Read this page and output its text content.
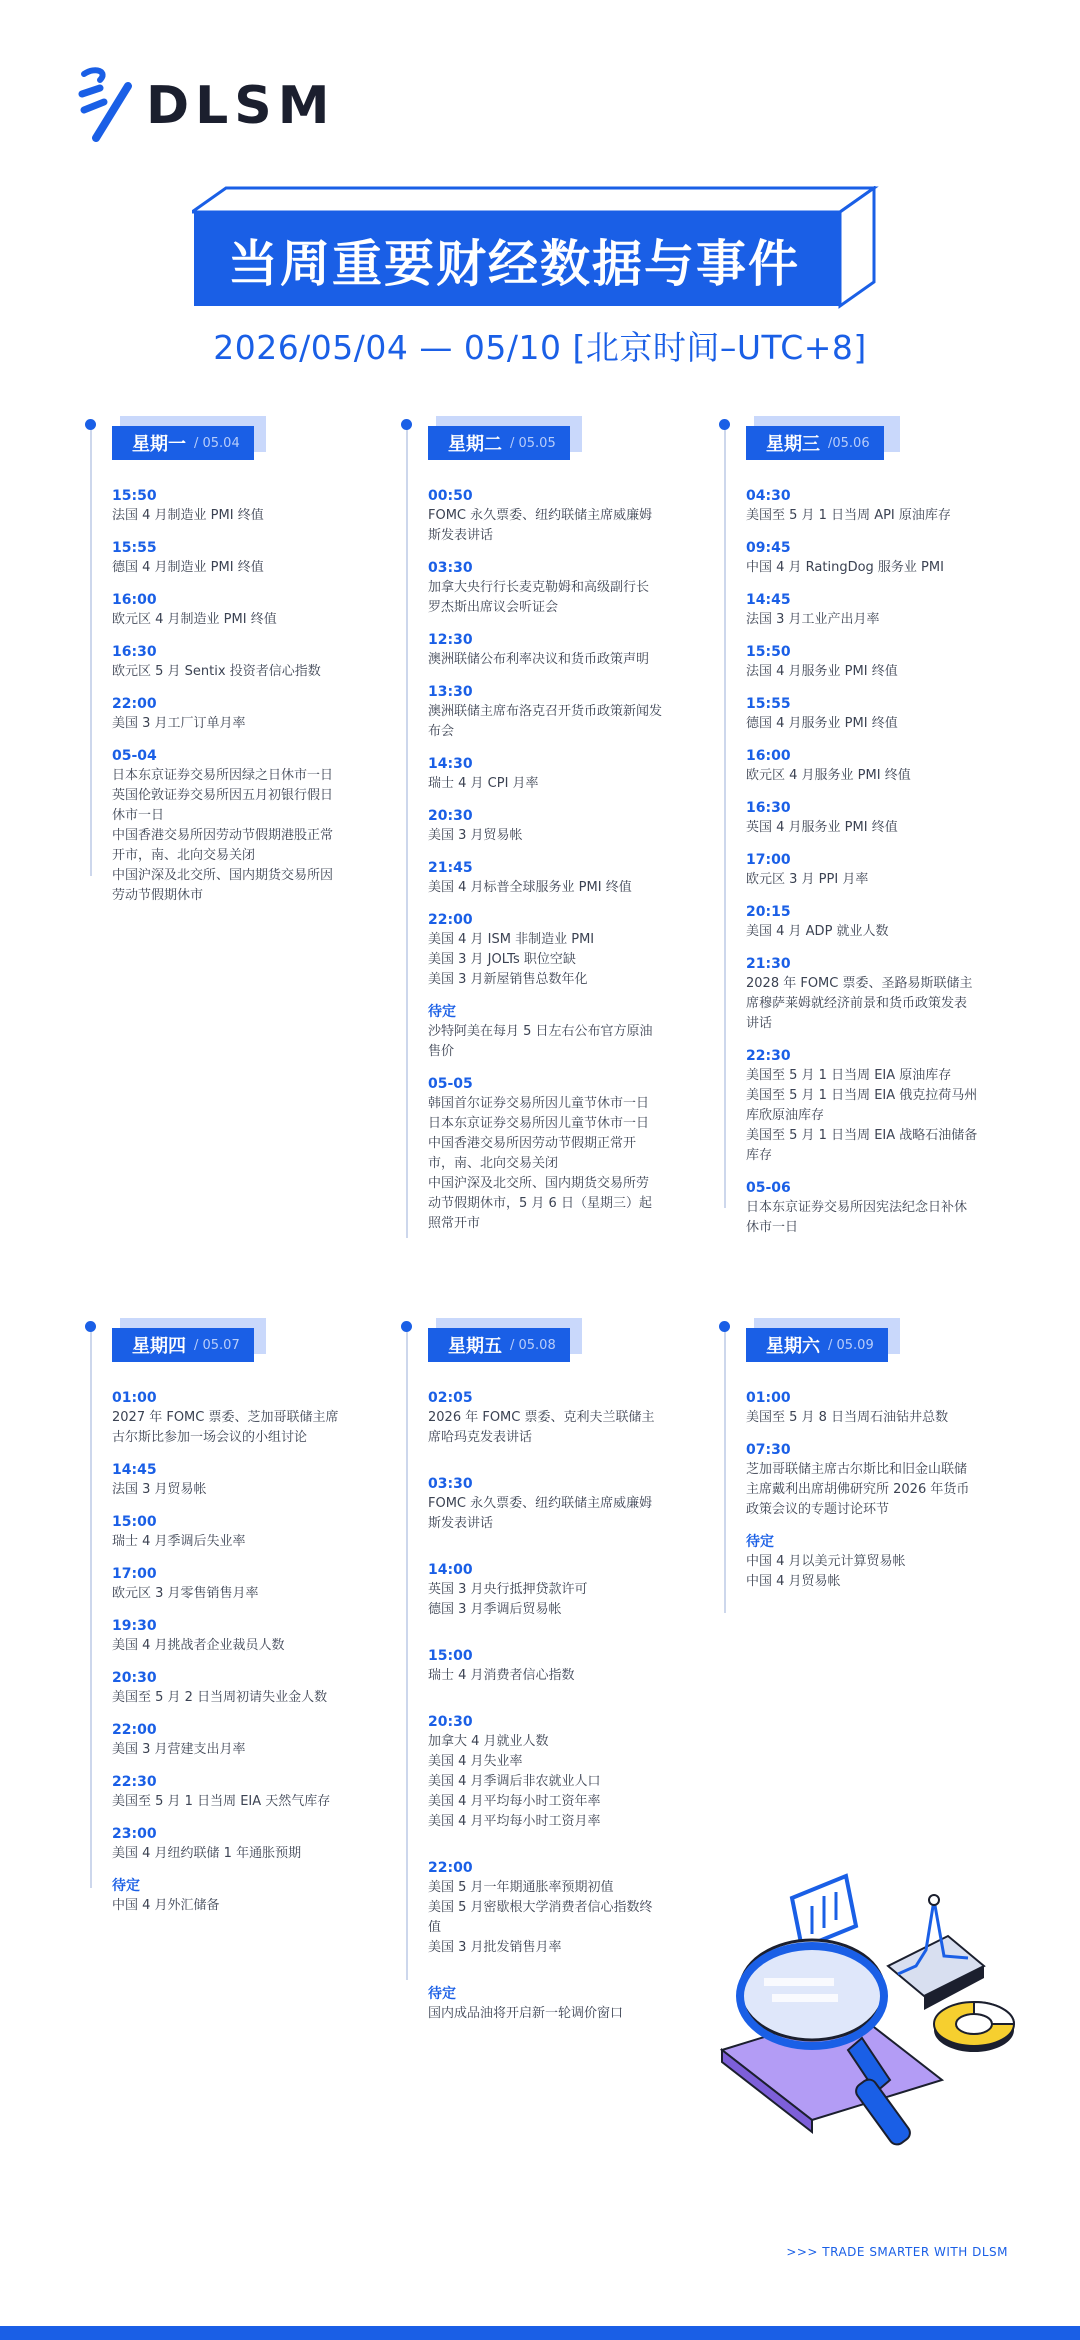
DLSM
当周重要财经数据与事件
2026/05/04 — 05/10 [北京时间–UTC+8]
星期一 / 05.04
15:50
法国 4 月制造业 PMI 终值
15:55
德国 4 月制造业 PMI 终值
16:00
欧元区 4 月制造业 PMI 终值
16:30
欧元区 5 月 Sentix 投资者信心指数
22:00
美国 3 月工厂订单月率
05-04
日本东京证券交易所因绿之日休市一日
英国伦敦证券交易所因五月初银行假日
休市一日
中国香港交易所因劳动节假期港股正常
开市，南、北向交易关闭
中国沪深及北交所、国内期货交易所因
劳动节假期休市
星期二 / 05.05
00:50
FOMC 永久票委、纽约联储主席威廉姆
斯发表讲话
03:30
加拿大央行行长麦克勒姆和高级副行长
罗杰斯出席议会听证会
12:30
澳洲联储公布利率决议和货币政策声明
13:30
澳洲联储主席布洛克召开货币政策新闻发
布会
14:30
瑞士 4 月 CPI 月率
20:30
美国 3 月贸易帐
21:45
美国 4 月标普全球服务业 PMI 终值
22:00
美国 4 月 ISM 非制造业 PMI
美国 3 月 JOLTs 职位空缺
美国 3 月新屋销售总数年化
待定
沙特阿美在每月 5 日左右公布官方原油
售价
05-05
韩国首尔证券交易所因儿童节休市一日
日本东京证券交易所因儿童节休市一日
中国香港交易所因劳动节假期正常开
市，南、北向交易关闭
中国沪深及北交所、国内期货交易所劳
动节假期休市，5 月 6 日（星期三）起
照常开市
星期三 /05.06
04:30
美国至 5 月 1 日当周 API 原油库存
09:45
中国 4 月 RatingDog 服务业 PMI
14:45
法国 3 月工业产出月率
15:50
法国 4 月服务业 PMI 终值
15:55
德国 4 月服务业 PMI 终值
16:00
欧元区 4 月服务业 PMI 终值
16:30
英国 4 月服务业 PMI 终值
17:00
欧元区 3 月 PPI 月率
20:15
美国 4 月 ADP 就业人数
21:30
2028 年 FOMC 票委、圣路易斯联储主
席穆萨莱姆就经济前景和货币政策发表
讲话
22:30
美国至 5 月 1 日当周 EIA 原油库存
美国至 5 月 1 日当周 EIA 俄克拉荷马州
库欣原油库存
美国至 5 月 1 日当周 EIA 战略石油储备
库存
05-06
日本东京证券交易所因宪法纪念日补休
休市一日
星期四 / 05.07
01:00
2027 年 FOMC 票委、芝加哥联储主席
古尔斯比参加一场会议的小组讨论
14:45
法国 3 月贸易帐
15:00
瑞士 4 月季调后失业率
17:00
欧元区 3 月零售销售月率
19:30
美国 4 月挑战者企业裁员人数
20:30
美国至 5 月 2 日当周初请失业金人数
22:00
美国 3 月营建支出月率
22:30
美国至 5 月 1 日当周 EIA 天然气库存
23:00
美国 4 月纽约联储 1 年通胀预期
待定
中国 4 月外汇储备
星期五 / 05.08
02:05
2026 年 FOMC 票委、克利夫兰联储主
席哈玛克发表讲话
03:30
FOMC 永久票委、纽约联储主席威廉姆
斯发表讲话
14:00
英国 3 月央行抵押贷款许可
德国 3 月季调后贸易帐
15:00
瑞士 4 月消费者信心指数
20:30
加拿大 4 月就业人数
美国 4 月失业率
美国 4 月季调后非农就业人口
美国 4 月平均每小时工资年率
美国 4 月平均每小时工资月率
22:00
美国 5 月一年期通胀率预期初值
美国 5 月密歇根大学消费者信心指数终
值
美国 3 月批发销售月率
待定
国内成品油将开启新一轮调价窗口
星期六 / 05.09
01:00
美国至 5 月 8 日当周石油钻井总数
07:30
芝加哥联储主席古尔斯比和旧金山联储
主席戴利出席胡佛研究所 2026 年货币
政策会议的专题讨论环节
待定
中国 4 月以美元计算贸易帐
中国 4 月贸易帐
>>> TRADE SMARTER WITH DLSM
